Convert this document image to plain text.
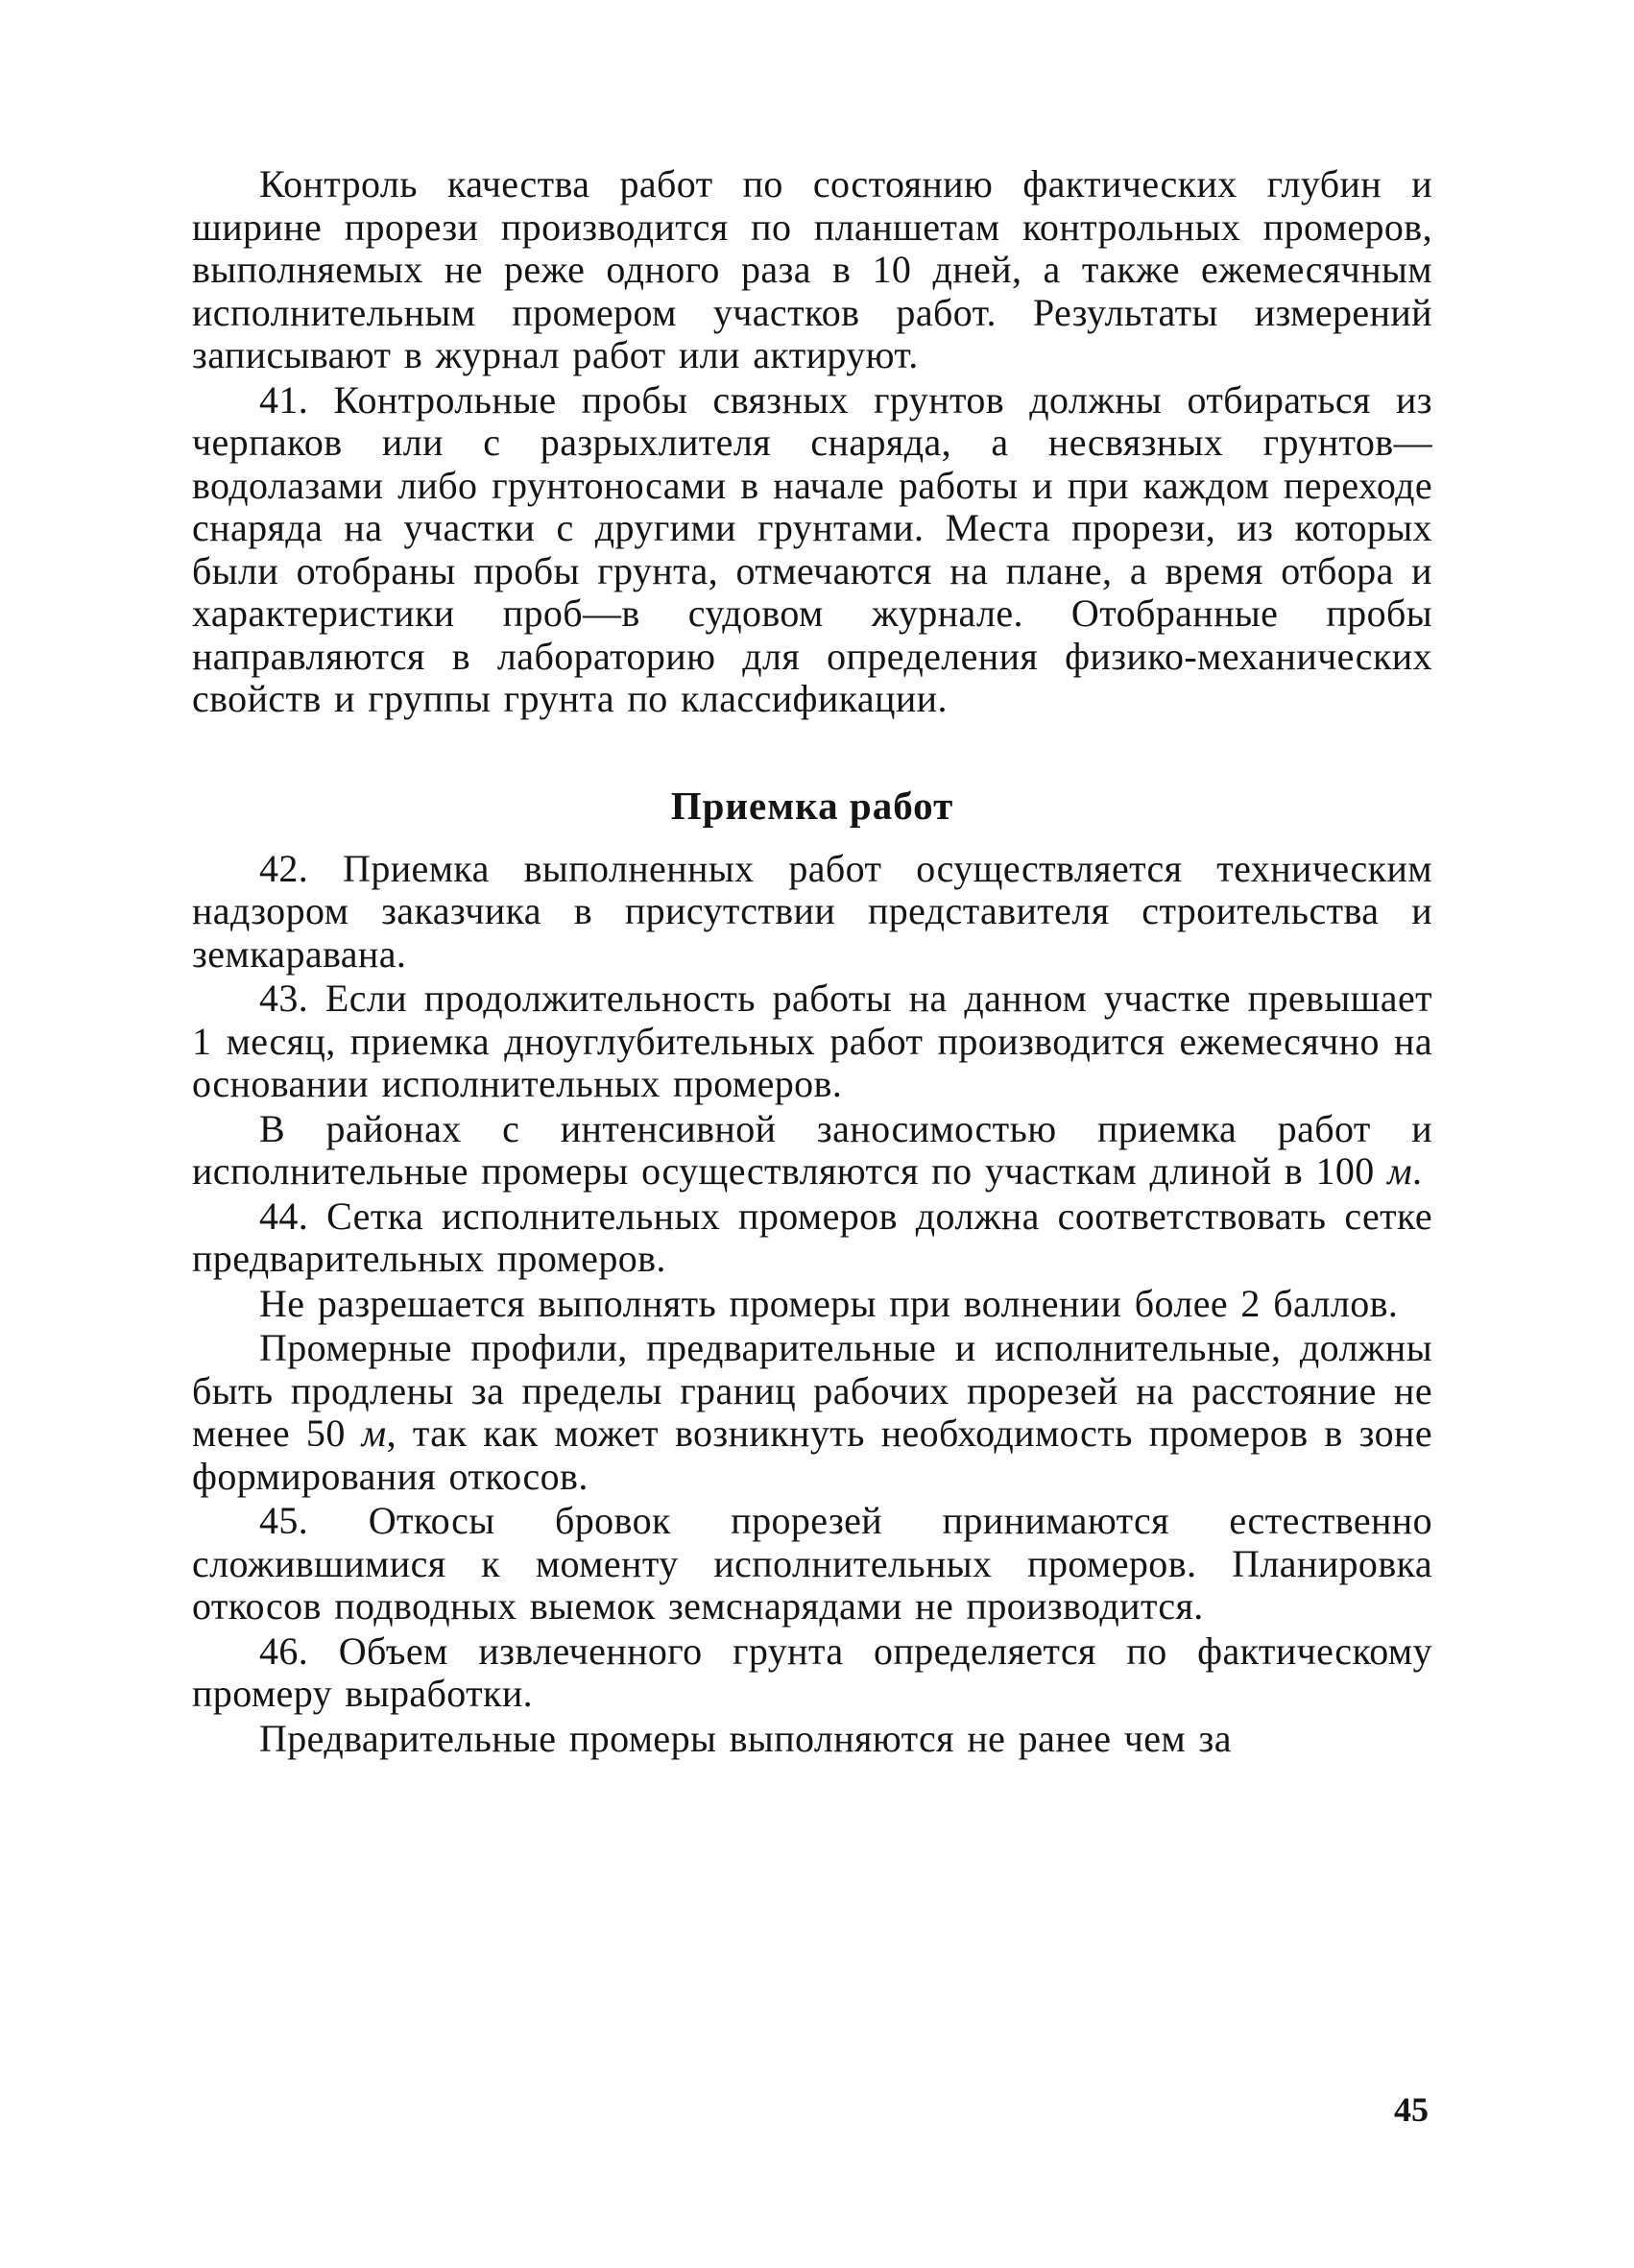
Контроль качества работ по состоянию фактических глубин и ширине прорези производится по планшетам контрольных промеров, выполняемых не реже одного раза в 10 дней, а также ежемесячным исполнительным промером участков работ. Результаты измерений записывают в журнал работ или актируют.

41. Контрольные пробы связных грунтов должны отбираться из черпаков или с разрыхлителя снаряда, а несвязных грунтов—водолазами либо грунтоносами в начале работы и при каждом переходе снаряда на участки с другими грунтами. Места прорези, из которых были отобраны пробы грунта, отмечаются на плане, а время отбора и характеристики проб—в судовом журнале. Отобранные пробы направляются в лабораторию для определения физико-механических свойств и группы грунта по классификации.

Приемка работ

42. Приемка выполненных работ осуществляется техническим надзором заказчика в присутствии представителя строительства и земкаравана.

43. Если продолжительность работы на данном участке превышает 1 месяц, приемка дноуглубительных работ производится ежемесячно на основании исполнительных промеров.

В районах с интенсивной заносимостью приемка работ и исполнительные промеры осуществляются по участкам длиной в 100 м.

44. Сетка исполнительных промеров должна соответствовать сетке предварительных промеров.

Не разрешается выполнять промеры при волнении более 2 баллов.

Промерные профили, предварительные и исполнительные, должны быть продлены за пределы границ рабочих прорезей на расстояние не менее 50 м, так как может возникнуть необходимость промеров в зоне формирования откосов.

45. Откосы бровок прорезей принимаются естественно сложившимися к моменту исполнительных промеров. Планировка откосов подводных выемок земснарядами не производится.

46. Объем извлеченного грунта определяется по фактическому промеру выработки.

Предварительные промеры выполняются не ранее чем за

45
